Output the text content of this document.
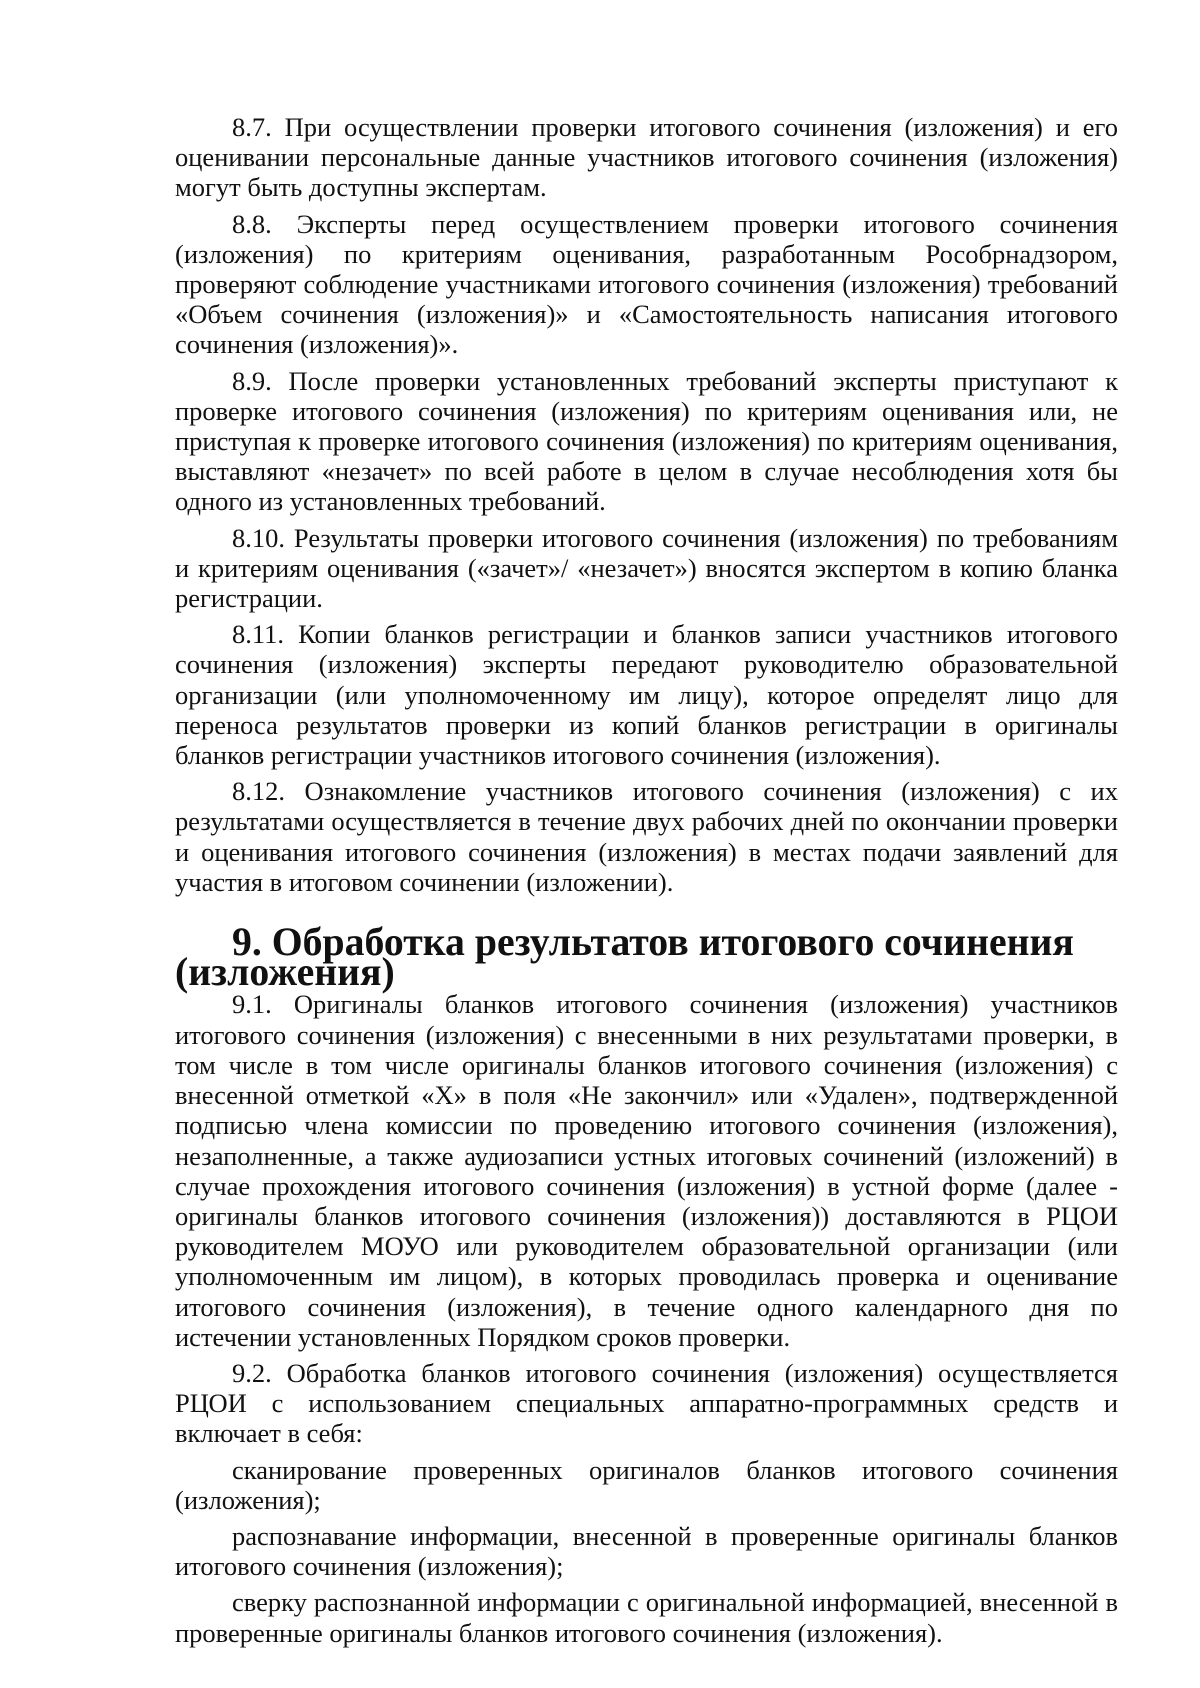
8.7. При осуществлении проверки итогового сочинения (изложения) и его оценивании персональные данные участников итогового сочинения (изложения) могут быть доступны экспертам.

8.8. Эксперты перед осуществлением проверки итогового сочинения (изложения) по критериям оценивания, разработанным Рособрнадзором, проверяют соблюдение участниками итогового сочинения (изложения) требований «Объем сочинения (изложения)» и «Самостоятельность написания итогового сочинения (изложения)».

8.9. После проверки установленных требований эксперты приступают к проверке итогового сочинения (изложения) по критериям оценивания или, не приступая к проверке итогового сочинения (изложения) по критериям оценивания, выставляют «незачет» по всей работе в целом в случае несоблюдения хотя бы одного из установленных требований.

8.10. Результаты проверки итогового сочинения (изложения) по требованиям и критериям оценивания («зачет»/ «незачет») вносятся экспертом в копию бланка регистрации.

8.11. Копии бланков регистрации и бланков записи участников итогового сочинения (изложения) эксперты передают руководителю образовательной организации (или уполномоченному им лицу), которое определят лицо для переноса результатов проверки из копий бланков регистрации в оригиналы бланков регистрации участников итогового сочинения (изложения).

8.12. Ознакомление участников итогового сочинения (изложения) с их результатами осуществляется в течение двух рабочих дней по окончании проверки и оценивания итогового сочинения (изложения) в местах подачи заявлений для участия в итоговом сочинении (изложении).

9. Обработка результатов итогового сочинения (изложения)

9.1. Оригиналы бланков итогового сочинения (изложения) участников итогового сочинения (изложения) с внесенными в них результатами проверки, в том числе в том числе оригиналы бланков итогового сочинения (изложения) с внесенной отметкой «Х» в поля «Не закончил» или «Удален», подтвержденной подписью члена комиссии по проведению итогового сочинения (изложения), незаполненные, а также аудиозаписи устных итоговых сочинений (изложений) в случае прохождения итогового сочинения (изложения) в устной форме (далее - оригиналы бланков итогового сочинения (изложения)) доставляются в РЦОИ руководителем МОУО или руководителем образовательной организации (или уполномоченным им лицом), в которых проводилась проверка и оценивание итогового сочинения (изложения), в течение одного календарного дня по истечении установленных Порядком сроков проверки.

9.2. Обработка бланков итогового сочинения (изложения) осуществляется РЦОИ с использованием специальных аппаратно-программных средств и включает в себя:

сканирование проверенных оригиналов бланков итогового сочинения (изложения);

распознавание информации, внесенной в проверенные оригиналы бланков итогового сочинения (изложения);

сверку распознанной информации с оригинальной информацией, внесенной в проверенные оригиналы бланков итогового сочинения (изложения).
